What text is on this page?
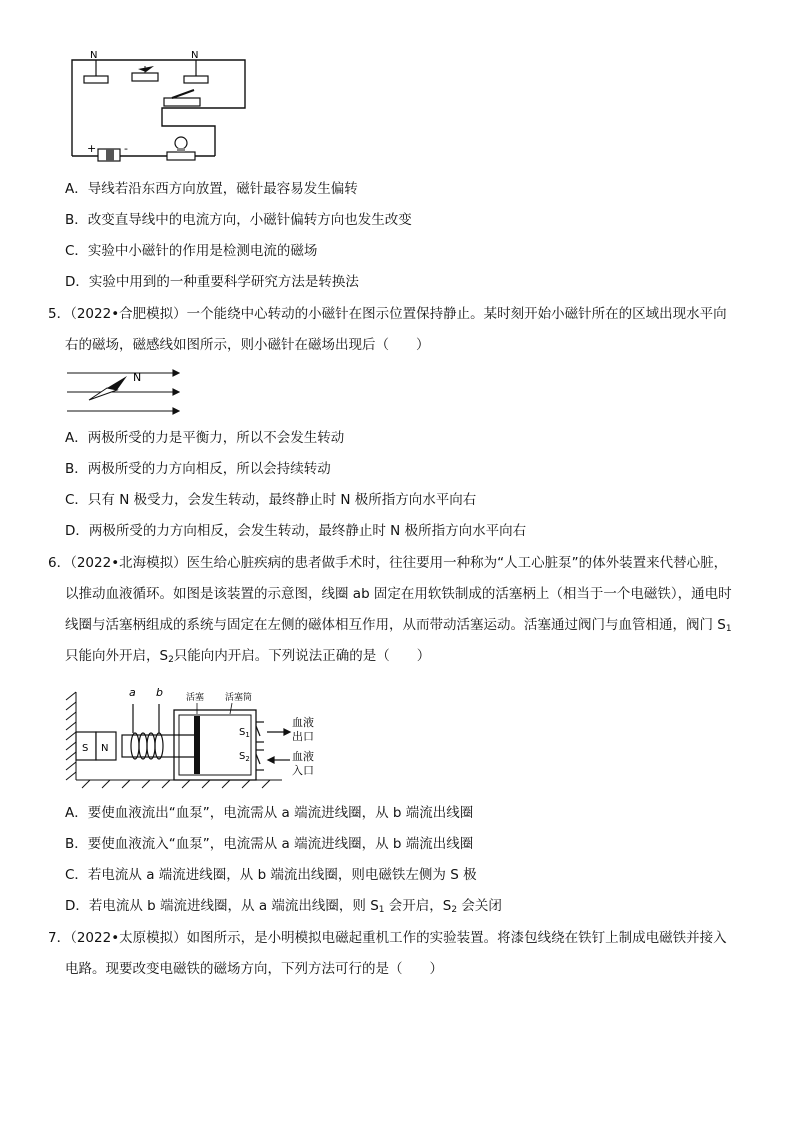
N	N
+	-
A．导线若沿东西方向放置，磁针最容易发生偏转
B．改变直导线中的电流方向，小磁针偏转方向也发生改变
C．实验中小磁针的作用是检测电流的磁场
D．实验中用到的一种重要科学研究方法是转换法
5．（2022•合肥模拟）一个能绕中心转动的小磁针在图示位置保持静止。某时刻开始小磁针所在的区域出现水平向
右的磁场，磁感线如图所示，则小磁针在磁场出现后（　　）
N
A．两极所受的力是平衡力，所以不会发生转动
B．两极所受的力方向相反，所以会持续转动
C．只有 N 极受力，会发生转动，最终静止时 N 极所指方向水平向右
D．两极所受的力方向相反，会发生转动，最终静止时 N 极所指方向水平向右
6．（2022•北海模拟）医生给心脏疾病的患者做手术时，往往要用一种称为“人工心脏泵”的体外装置来代替心脏，
以推动血液循环。如图是该装置的示意图，线圈 ab 固定在用软铁制成的活塞柄上（相当于一个电磁铁），通电时
线圈与活塞柄组成的系统与固定在左侧的磁体相互作用，从而带动活塞运动。活塞通过阀门与血管相通，阀门 $S_1$
只能向外开启，$S_2$只能向内开启。下列说法正确的是（　　）
S N
a b	活塞 活塞筒
$S_1$
$S_2$
血液
出口
血液
入口
A．要使血液流出“血泵”，电流需从 a 端流进线圈，从 b 端流出线圈
B．要使血液流入“血泵”，电流需从 a 端流进线圈，从 b 端流出线圈
C．若电流从 a 端流进线圈，从 b 端流出线圈，则电磁铁左侧为 S 极
D．若电流从 b 端流进线圈，从 a 端流出线圈，则 $S_1$ 会开启，$S_2$ 会关闭
7．（2022•太原模拟）如图所示，是小明模拟电磁起重机工作的实验装置。将漆包线绕在铁钉上制成电磁铁并接入
电路。现要改变电磁铁的磁场方向，下列方法可行的是（　　）
